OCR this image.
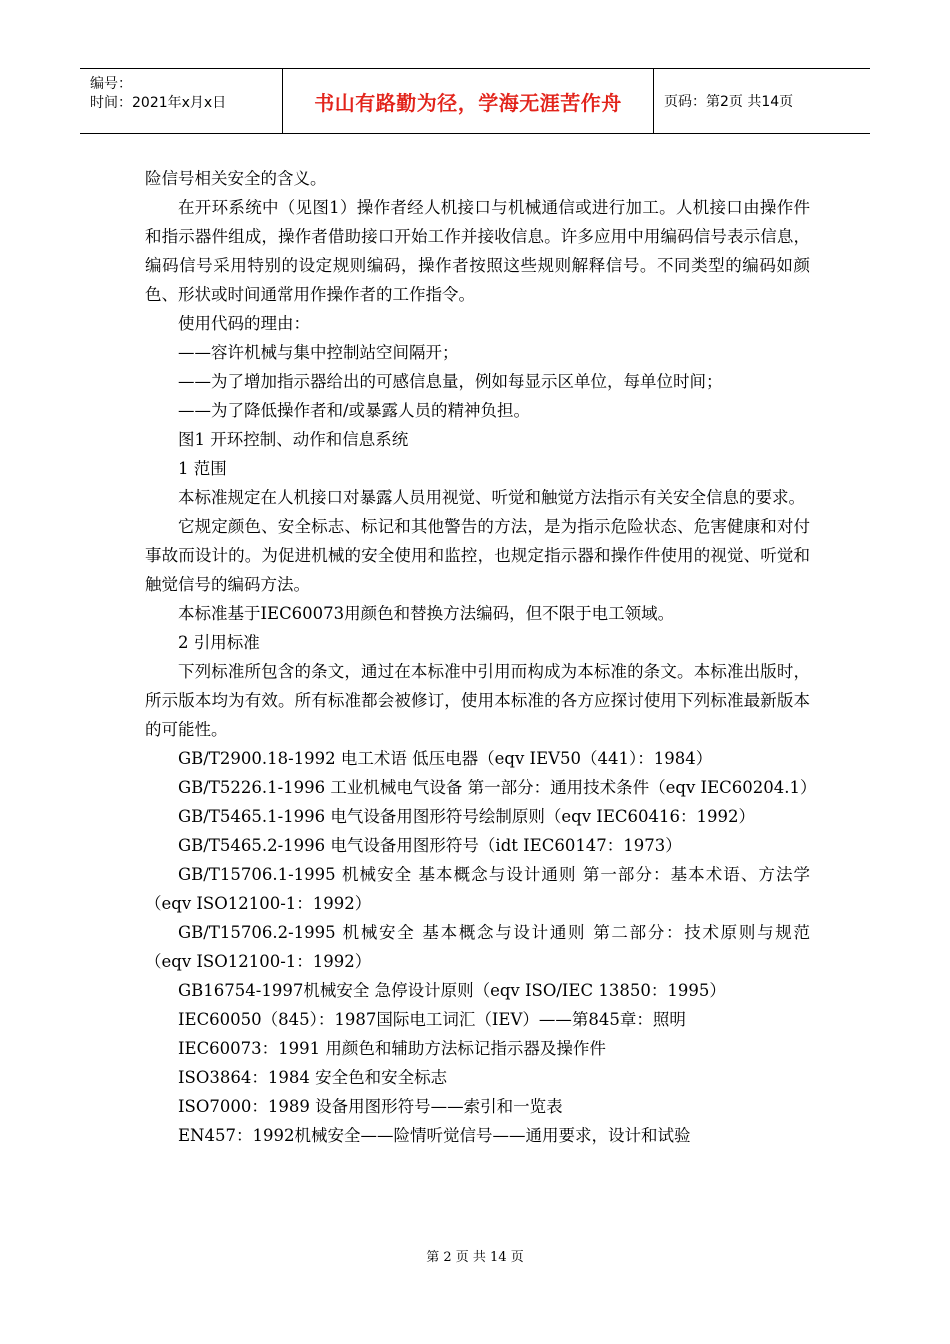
编号：
时间：2021年x月x日	书山有路勤为径，学海无涯苦作舟	页码：第2页 共14页

险信号相关安全的含义。

在开环系统中（见图1）操作者经人机接口与机械通信或进行加工。人机接口由操作件和指示器件组成，操作者借助接口开始工作并接收信息。许多应用中用编码信号表示信息，编码信号采用特别的设定规则编码，操作者按照这些规则解释信号。不同类型的编码如颜色、形状或时间通常用作操作者的工作指令。

使用代码的理由：

——容许机械与集中控制站空间隔开；

——为了增加指示器给出的可感信息量，例如每显示区单位，每单位时间；

——为了降低操作者和/或暴露人员的精神负担。

图1 开环控制、动作和信息系统

1 范围

本标准规定在人机接口对暴露人员用视觉、听觉和触觉方法指示有关安全信息的要求。

它规定颜色、安全标志、标记和其他警告的方法，是为指示危险状态、危害健康和对付事故而设计的。为促进机械的安全使用和监控，也规定指示器和操作件使用的视觉、听觉和触觉信号的编码方法。

本标准基于IEC60073用颜色和替换方法编码，但不限于电工领域。

2 引用标准

下列标准所包含的条文，通过在本标准中引用而构成为本标准的条文。本标准出版时，所示版本均为有效。所有标准都会被修订，使用本标准的各方应探讨使用下列标准最新版本的可能性。

GB/T2900.18-1992 电工术语 低压电器（eqv IEV50（441）：1984）

GB/T5226.1-1996 工业机械电气设备 第一部分：通用技术条件（eqv IEC60204.1）

GB/T5465.1-1996 电气设备用图形符号绘制原则（eqv IEC60416：1992）

GB/T5465.2-1996 电气设备用图形符号（idt IEC60147：1973）

GB/T15706.1-1995 机械安全 基本概念与设计通则 第一部分：基本术语、方法学（eqv ISO12100-1：1992）

GB/T15706.2-1995 机械安全 基本概念与设计通则 第二部分：技术原则与规范（eqv ISO12100-1：1992）

GB16754-1997机械安全 急停设计原则（eqv ISO/IEC 13850：1995）

IEC60050（845）：1987国际电工词汇（IEV）——第845章：照明

IEC60073：1991 用颜色和辅助方法标记指示器及操作件

ISO3864：1984 安全色和安全标志

ISO7000：1989 设备用图形符号——索引和一览表

EN457：1992机械安全——险情听觉信号——通用要求，设计和试验

第 2 页 共 14 页
